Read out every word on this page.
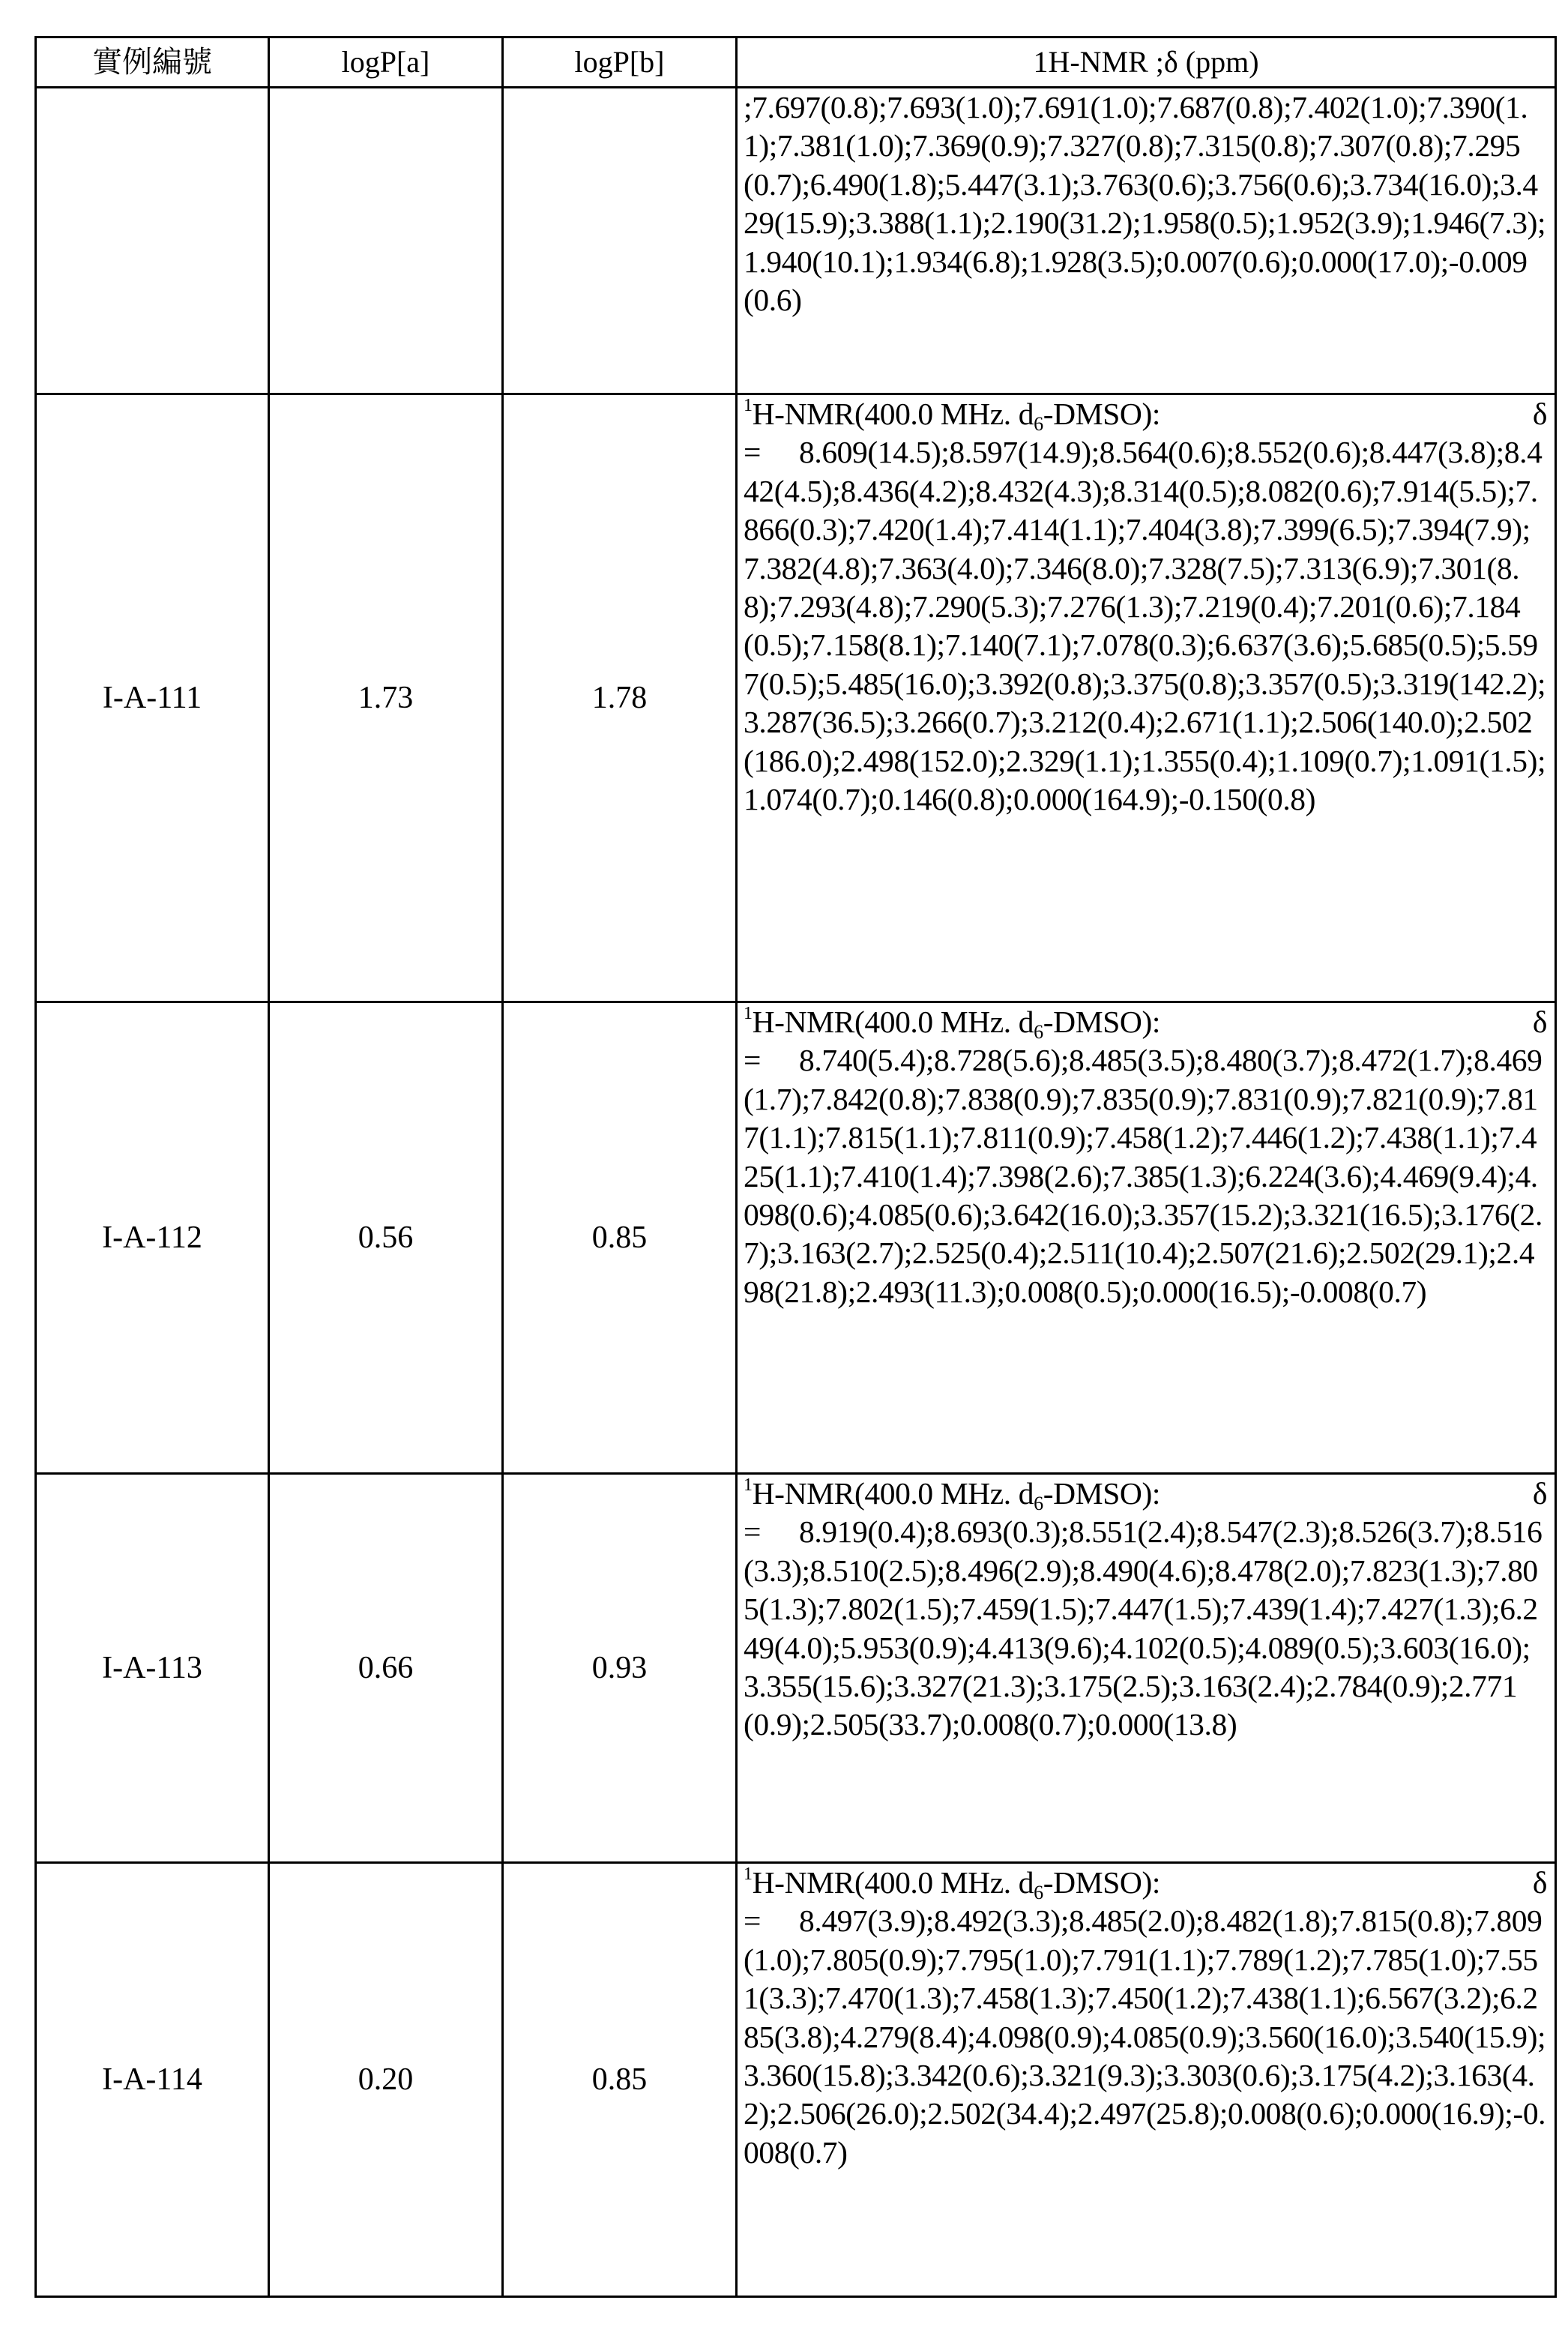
實例編號	logP[a]	logP[b]	1H-NMR ;δ (ppm)
			;7.697(0.8);7.693(1.0);7.691(1.0);7.687(0.8);7.402(1.0);7.390(1.1);7.381(1.0);7.369(0.9);7.327(0.8);7.315(0.8);7.307(0.8);7.295(0.7);6.490(1.8);5.447(3.1);3.763(0.6);3.756(0.6);3.734(16.0);3.429(15.9);3.388(1.1);2.190(31.2);1.958(0.5);1.952(3.9);1.946(7.3);1.940(10.1);1.934(6.8);1.928(3.5);0.007(0.6);0.000(17.0);-0.009(0.6)
I-A-111	1.73	1.78	$^1$H-NMR(400.0 MHz. $d_6-DMSO$): δ
= 8.609(14.5);8.597(14.9);8.564(0.6);8.552(0.6);8.447(3.8);8.442(4.5);8.436(4.2);8.432(4.3);8.314(0.5);8.082(0.6);7.914(5.5);7.866(0.3);7.420(1.4);7.414(1.1);7.404(3.8);7.399(6.5);7.394(7.9);7.382(4.8);7.363(4.0);7.346(8.0);7.328(7.5);7.313(6.9);7.301(8.8);7.293(4.8);7.290(5.3);7.276(1.3);7.219(0.4);7.201(0.6);7.184(0.5);7.158(8.1);7.140(7.1);7.078(0.3);6.637(3.6);5.685(0.5);5.597(0.5);5.485(16.0);3.392(0.8);3.375(0.8);3.357(0.5);3.319(142.2);3.287(36.5);3.266(0.7);3.212(0.4);2.671(1.1);2.506(140.0);2.502(186.0);2.498(152.0);2.329(1.1);1.355(0.4);1.109(0.7);1.091(1.5);1.074(0.7);0.146(0.8);0.000(164.9);-0.150(0.8)
I-A-112	0.56	0.85	$^1$H-NMR(400.0 MHz. $d_6-DMSO$): δ
= 8.740(5.4);8.728(5.6);8.485(3.5);8.480(3.7);8.472(1.7);8.469(1.7);7.842(0.8);7.838(0.9);7.835(0.9);7.831(0.9);7.821(0.9);7.817(1.1);7.815(1.1);7.811(0.9);7.458(1.2);7.446(1.2);7.438(1.1);7.425(1.1);7.410(1.4);7.398(2.6);7.385(1.3);6.224(3.6);4.469(9.4);4.098(0.6);4.085(0.6);3.642(16.0);3.357(15.2);3.321(16.5);3.176(2.7);3.163(2.7);2.525(0.4);2.511(10.4);2.507(21.6);2.502(29.1);2.498(21.8);2.493(11.3);0.008(0.5);0.000(16.5);-0.008(0.7)
I-A-113	0.66	0.93	$^1$H-NMR(400.0 MHz. $d_6-DMSO$): δ
= 8.919(0.4);8.693(0.3);8.551(2.4);8.547(2.3);8.526(3.7);8.516(3.3);8.510(2.5);8.496(2.9);8.490(4.6);8.478(2.0);7.823(1.3);7.805(1.3);7.802(1.5);7.459(1.5);7.447(1.5);7.439(1.4);7.427(1.3);6.249(4.0);5.953(0.9);4.413(9.6);4.102(0.5);4.089(0.5);3.603(16.0);3.355(15.6);3.327(21.3);3.175(2.5);3.163(2.4);2.784(0.9);2.771(0.9);2.505(33.7);0.008(0.7);0.000(13.8)
I-A-114	0.20	0.85	$^1$H-NMR(400.0 MHz. $d_6-DMSO$): δ
= 8.497(3.9);8.492(3.3);8.485(2.0);8.482(1.8);7.815(0.8);7.809(1.0);7.805(0.9);7.795(1.0);7.791(1.1);7.789(1.2);7.785(1.0);7.551(3.3);7.470(1.3);7.458(1.3);7.450(1.2);7.438(1.1);6.567(3.2);6.285(3.8);4.279(8.4);4.098(0.9);4.085(0.9);3.560(16.0);3.540(15.9);3.360(15.8);3.342(0.6);3.321(9.3);3.303(0.6);3.175(4.2);3.163(4.2);2.506(26.0);2.502(34.4);2.497(25.8);0.008(0.6);0.000(16.9);-0.008(0.7)
